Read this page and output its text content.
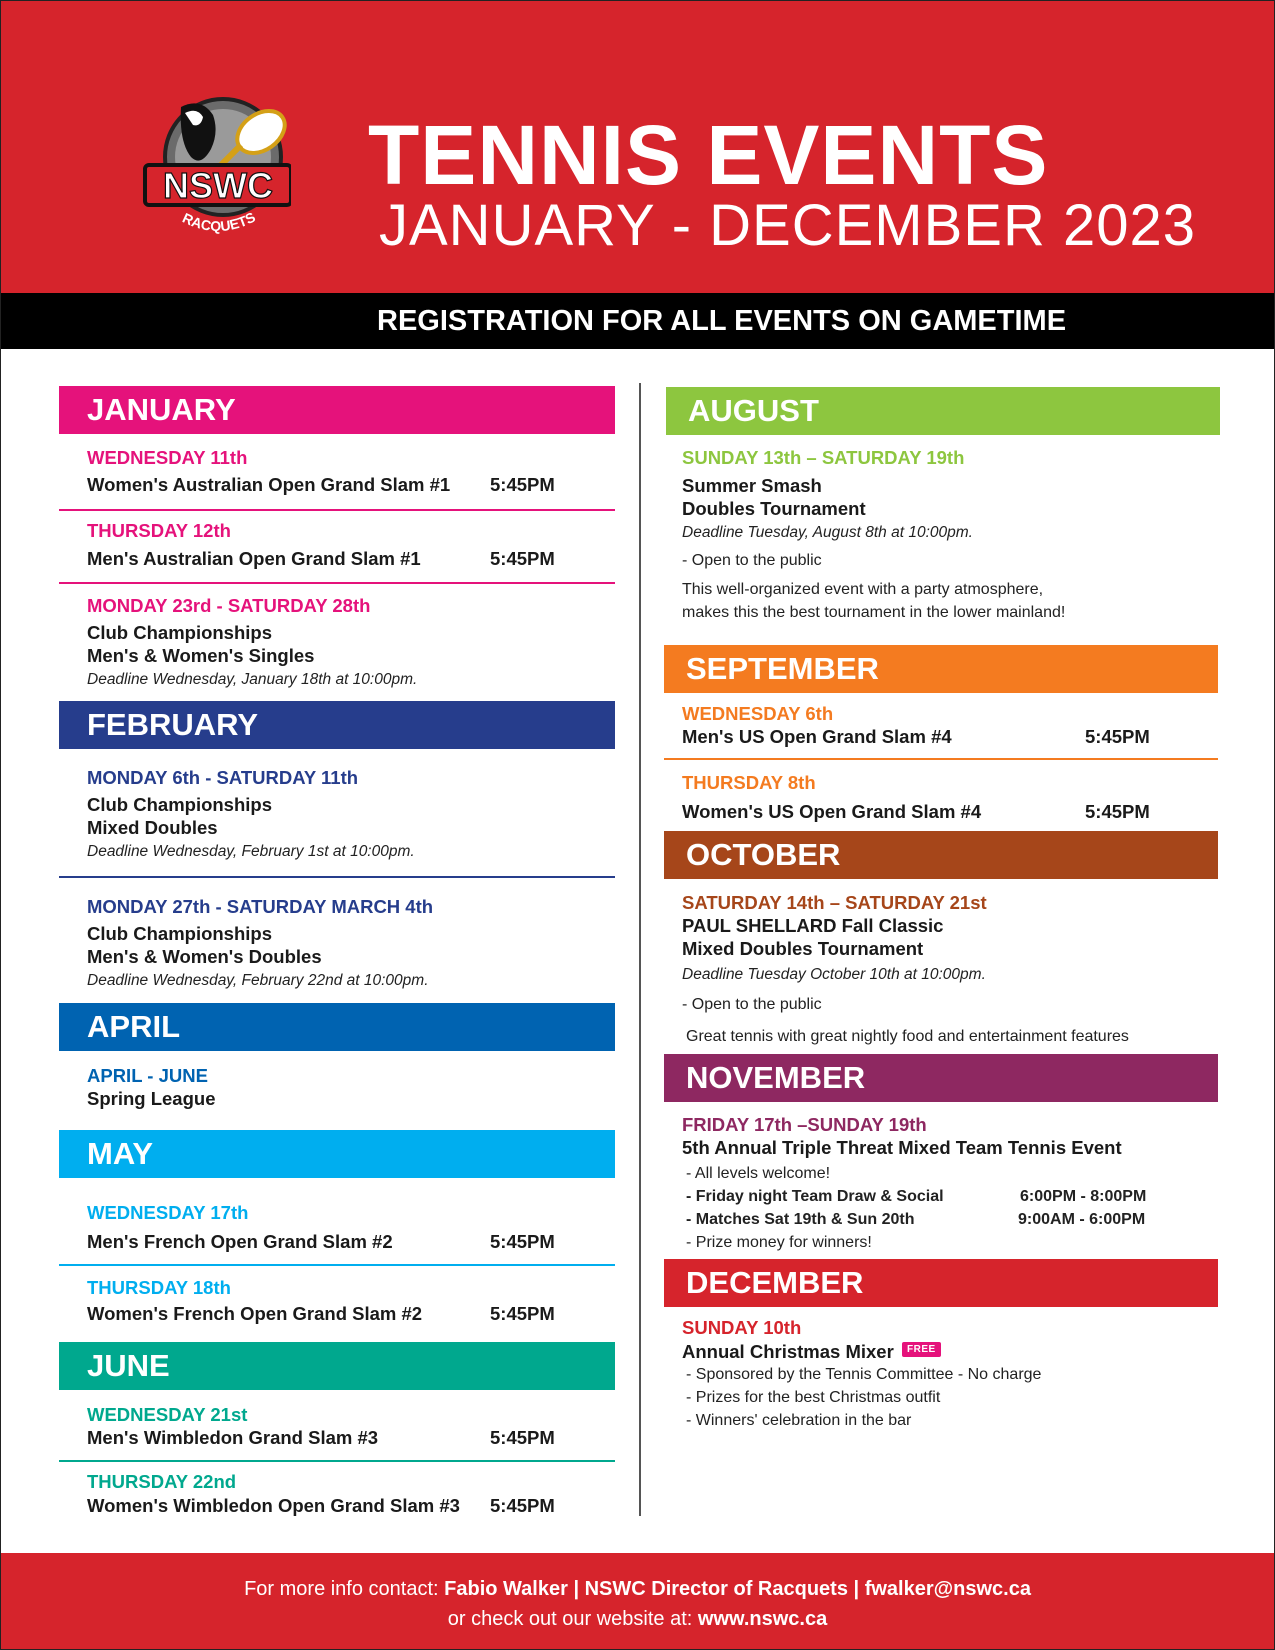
NSWC
RACQUETS
TENNIS EVENTS
JANUARY - DECEMBER 2023
REGISTRATION FOR ALL EVENTS ON GAMETIME
JANUARY
WEDNESDAY 11th
Women's Australian Open Grand Slam #1 5:45PM
THURSDAY 12th
Men's Australian Open Grand Slam #1	5:45PM
MONDAY 23rd - SATURDAY 28th
Club Championships
Men's & Women's Singles
Deadline Wednesday, January 18th at 10:00pm.
FEBRUARY
MONDAY 6th - SATURDAY 11th
Club Championships
Mixed Doubles
Deadline Wednesday, February 1st at 10:00pm.
MONDAY 27th - SATURDAY MARCH 4th
Club Championships
Men's & Women's Doubles
Deadline Wednesday, February 22nd at 10:00pm.
APRIL
APRIL - JUNE
Spring League
MAY
WEDNESDAY 17th
Men's French Open Grand Slam #2	5:45PM
THURSDAY 18th
Women's French Open Grand Slam #2	5:45PM
JUNE
WEDNESDAY 21st
Men's Wimbledon Grand Slam #3	5:45PM
THURSDAY 22nd
Women's Wimbledon Open Grand Slam #3 5:45PM
AUGUST
SUNDAY 13th – SATURDAY 19th
Summer Smash
Doubles Tournament
Deadline Tuesday, August 8th at 10:00pm.
- Open to the public
This well-organized event with a party atmosphere,
makes this the best tournament in the lower mainland!
SEPTEMBER
WEDNESDAY 6th
Men's US Open Grand Slam #4	5:45PM
THURSDAY 8th
Women's US Open Grand Slam #4	5:45PM
OCTOBER
SATURDAY 14th – SATURDAY 21st
PAUL SHELLARD Fall Classic
Mixed Doubles Tournament
Deadline Tuesday October 10th at 10:00pm.
- Open to the public
Great tennis with great nightly food and entertainment features
NOVEMBER
FRIDAY 17th –SUNDAY 19th
5th Annual Triple Threat Mixed Team Tennis Event
- All levels welcome!
- Friday night Team Draw & Social	6:00PM - 8:00PM
- Matches Sat 19th & Sun 20th	9:00AM - 6:00PM
- Prize money for winners!
DECEMBER
SUNDAY 10th
Annual Christmas Mixer	FREE
- Sponsored by the Tennis Committee - No charge
- Prizes for the best Christmas outfit
- Winners' celebration in the bar
For more info contact: Fabio Walker | NSWC Director of Racquets | fwalker@nswc.ca
or check out our website at: www.nswc.ca
